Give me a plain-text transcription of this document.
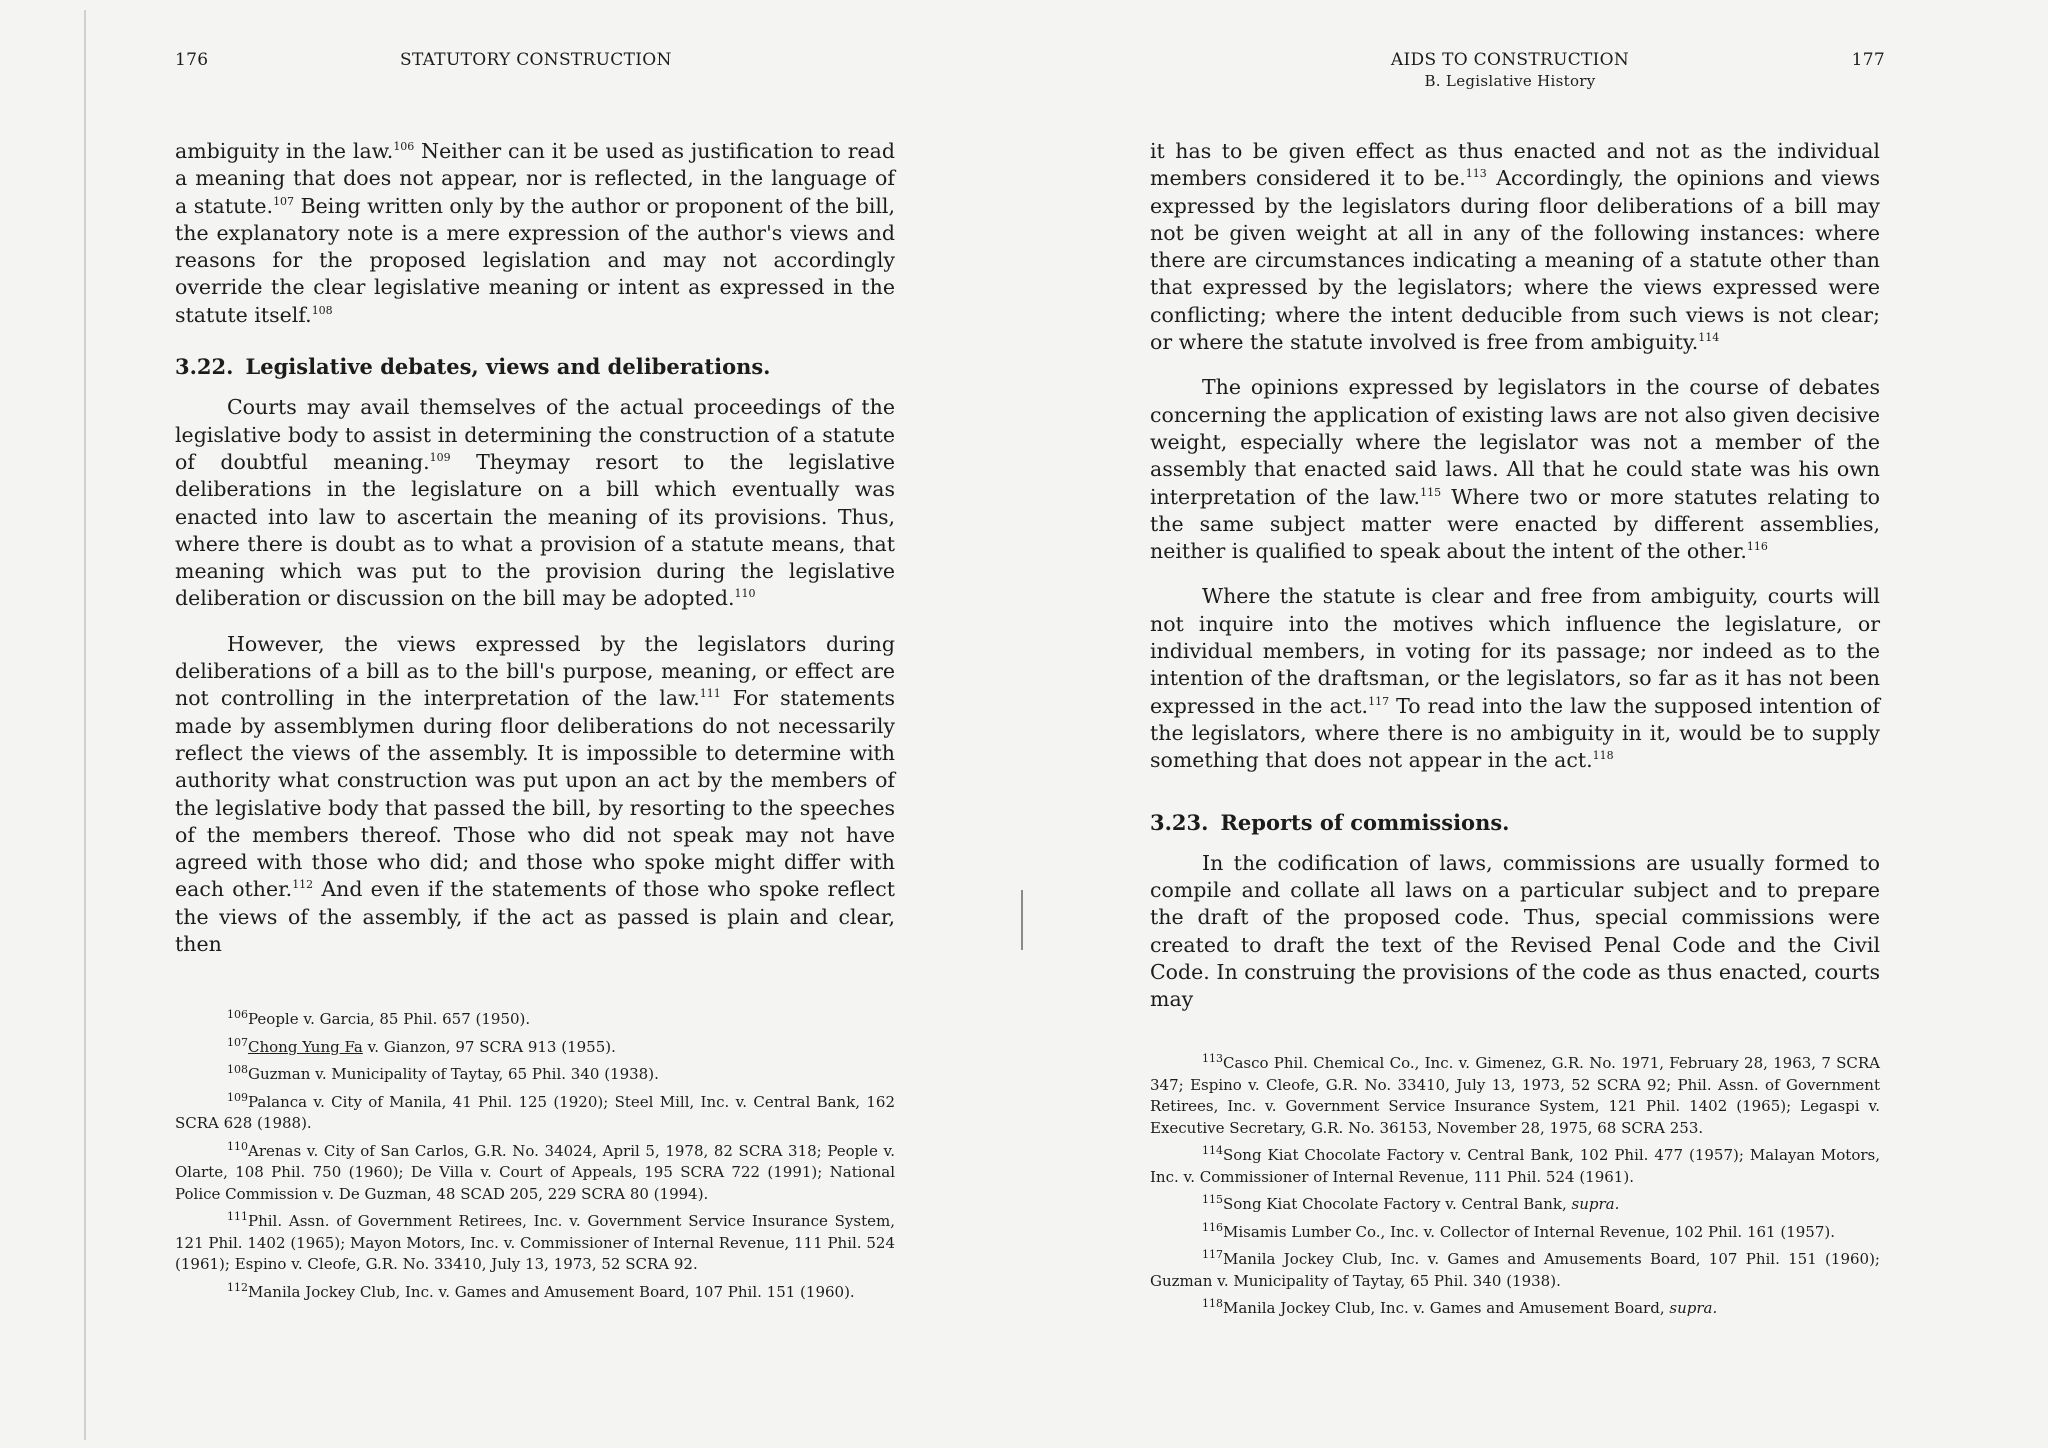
176	STATUTORY CONSTRUCTION

ambiguity in the law.$^{106}$ Neither can it be used as justification to read a meaning that does not appear, nor is reflected, in the language of a statute.$^{107}$ Being written only by the author or proponent of the bill, the explanatory note is a mere expression of the author's views and reasons for the proposed legislation and may not accordingly override the clear legislative meaning or intent as expressed in the statute itself.$^{108}$

3.22. Legislative debates, views and deliberations.

Courts may avail themselves of the actual proceedings of the legislative body to assist in determining the construction of a statute of doubtful meaning.$^{109}$ Theymay resort to the legislative deliberations in the legislature on a bill which eventually was enacted into law to ascertain the meaning of its provisions. Thus, where there is doubt as to what a provision of a statute means, that meaning which was put to the provision during the legislative deliberation or discussion on the bill may be adopted.$^{110}$

However, the views expressed by the legislators during deliberations of a bill as to the bill's purpose, meaning, or effect are not controlling in the interpretation of the law.$^{111}$ For statements made by assemblymen during floor deliberations do not necessarily reflect the views of the assembly. It is impossible to determine with authority what construction was put upon an act by the members of the legislative body that passed the bill, by resorting to the speeches of the members thereof. Those who did not speak may not have agreed with those who did; and those who spoke might differ with each other.$^{112}$ And even if the statements of those who spoke reflect the views of the assembly, if the act as passed is plain and clear, then

$^{106}$People v. Garcia, 85 Phil. 657 (1950).

$^{107}$Chong Yung Fa v. Gianzon, 97 SCRA 913 (1955).

$^{108}$Guzman v. Municipality of Taytay, 65 Phil. 340 (1938).

$^{109}$Palanca v. City of Manila, 41 Phil. 125 (1920); Steel Mill, Inc. v. Central Bank, 162 SCRA 628 (1988).

$^{110}$Arenas v. City of San Carlos, G.R. No. 34024, April 5, 1978, 82 SCRA 318; People v. Olarte, 108 Phil. 750 (1960); De Villa v. Court of Appeals, 195 SCRA 722 (1991); National Police Commission v. De Guzman, 48 SCAD 205, 229 SCRA 80 (1994).

$^{111}$Phil. Assn. of Government Retirees, Inc. v. Government Service Insurance System, 121 Phil. 1402 (1965); Mayon Motors, Inc. v. Commissioner of Internal Revenue, 111 Phil. 524 (1961); Espino v. Cleofe, G.R. No. 33410, July 13, 1973, 52 SCRA 92.

$^{112}$Manila Jockey Club, Inc. v. Games and Amusement Board, 107 Phil. 151 (1960).

AIDS TO CONSTRUCTION
B. Legislative History
177

it has to be given effect as thus enacted and not as the individual members considered it to be.$^{113}$ Accordingly, the opinions and views expressed by the legislators during floor deliberations of a bill may not be given weight at all in any of the following instances: where there are circumstances indicating a meaning of a statute other than that expressed by the legislators; where the views expressed were conflicting; where the intent deducible from such views is not clear; or where the statute involved is free from ambiguity.$^{114}$

The opinions expressed by legislators in the course of debates concerning the application of existing laws are not also given decisive weight, especially where the legislator was not a member of the assembly that enacted said laws. All that he could state was his own interpretation of the law.$^{115}$ Where two or more statutes relating to the same subject matter were enacted by different assemblies, neither is qualified to speak about the intent of the other.$^{116}$

Where the statute is clear and free from ambiguity, courts will not inquire into the motives which influence the legislature, or individual members, in voting for its passage; nor indeed as to the intention of the draftsman, or the legislators, so far as it has not been expressed in the act.$^{117}$ To read into the law the supposed intention of the legislators, where there is no ambiguity in it, would be to supply something that does not appear in the act.$^{118}$

3.23. Reports of commissions.

In the codification of laws, commissions are usually formed to compile and collate all laws on a particular subject and to prepare the draft of the proposed code. Thus, special commissions were created to draft the text of the Revised Penal Code and the Civil Code. In construing the provisions of the code as thus enacted, courts may

$^{113}$Casco Phil. Chemical Co., Inc. v. Gimenez, G.R. No. 1971, February 28, 1963, 7 SCRA 347; Espino v. Cleofe, G.R. No. 33410, July 13, 1973, 52 SCRA 92; Phil. Assn. of Government Retirees, Inc. v. Government Service Insurance System, 121 Phil. 1402 (1965); Legaspi v. Executive Secretary, G.R. No. 36153, November 28, 1975, 68 SCRA 253.

$^{114}$Song Kiat Chocolate Factory v. Central Bank, 102 Phil. 477 (1957); Malayan Motors, Inc. v. Commissioner of Internal Revenue, 111 Phil. 524 (1961).

$^{115}$Song Kiat Chocolate Factory v. Central Bank, supra.

$^{116}$Misamis Lumber Co., Inc. v. Collector of Internal Revenue, 102 Phil. 161 (1957).

$^{117}$Manila Jockey Club, Inc. v. Games and Amusements Board, 107 Phil. 151 (1960); Guzman v. Municipality of Taytay, 65 Phil. 340 (1938).

$^{118}$Manila Jockey Club, Inc. v. Games and Amusement Board, supra.
